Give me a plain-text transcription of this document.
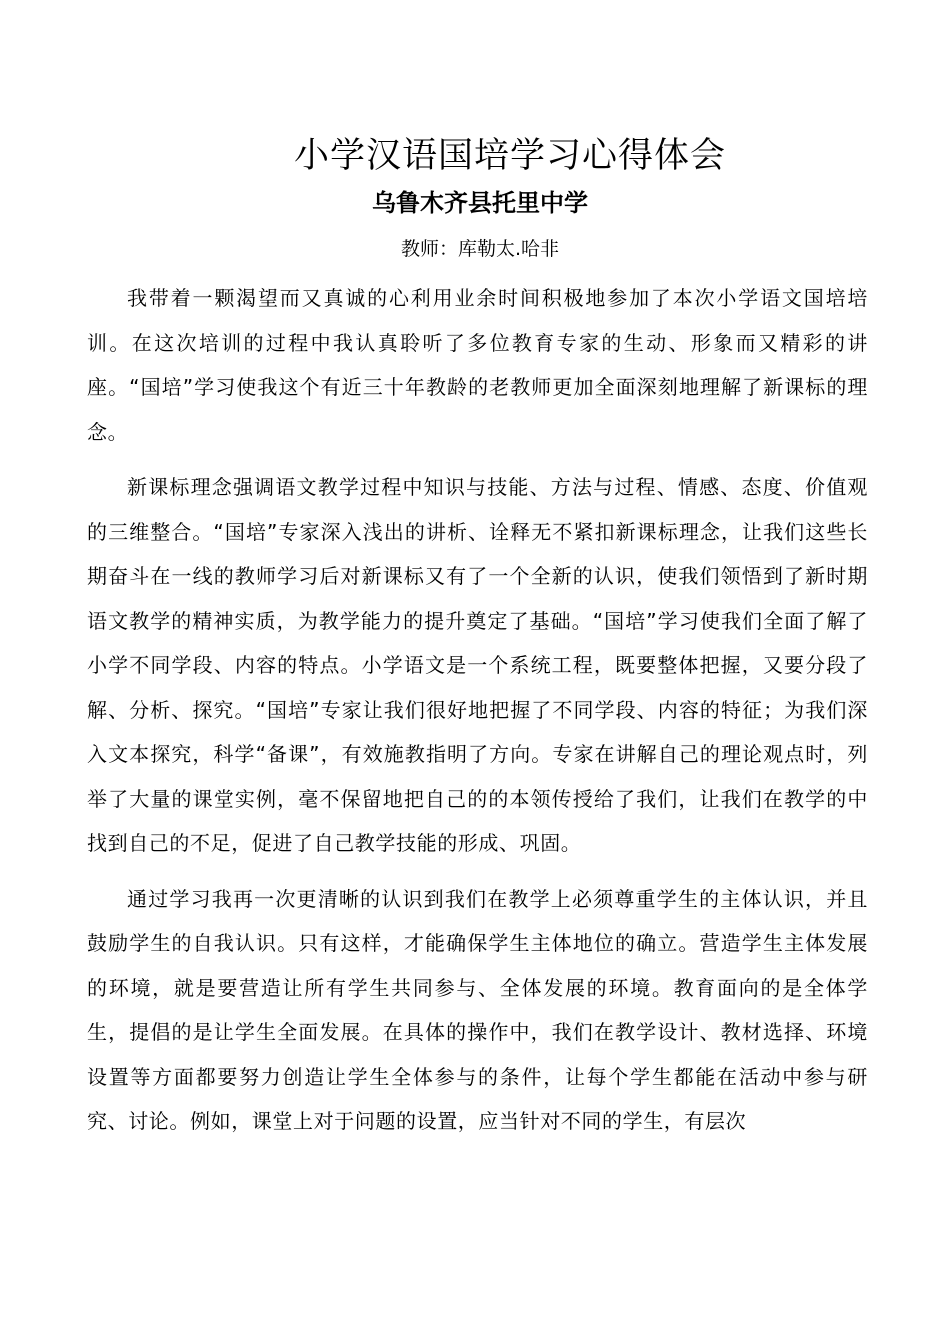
小学汉语国培学习心得体会
乌鲁木齐县托里中学
教师：库勒太.哈非

我带着一颗渴望而又真诚的心利用业余时间积极地参加了本次小学语文国培培训。在这次培训的过程中我认真聆听了多位教育专家的生动、形象而又精彩的讲座。“国培”学习使我这个有近三十年教龄的老教师更加全面深刻地理解了新课标的理念。

新课标理念强调语文教学过程中知识与技能、方法与过程、情感、态度、价值观的三维整合。“国培”专家深入浅出的讲析、诠释无不紧扣新课标理念，让我们这些长期奋斗在一线的教师学习后对新课标又有了一个全新的认识，使我们领悟到了新时期语文教学的精神实质，为教学能力的提升奠定了基础。“国培”学习使我们全面了解了小学不同学段、内容的特点。小学语文是一个系统工程，既要整体把握，又要分段了解、分析、探究。“国培”专家让我们很好地把握了不同学段、内容的特征；为我们深入文本探究，科学“备课”，有效施教指明了方向。专家在讲解自己的理论观点时，列举了大量的课堂实例，毫不保留地把自己的的本领传授给了我们，让我们在教学的中找到自己的不足，促进了自己教学技能的形成、巩固。

通过学习我再一次更清晰的认识到我们在教学上必须尊重学生的主体认识，并且鼓励学生的自我认识。只有这样，才能确保学生主体地位的确立。营造学生主体发展的环境，就是要营造让所有学生共同参与、全体发展的环境。教育面向的是全体学生，提倡的是让学生全面发展。在具体的操作中，我们在教学设计、教材选择、环境设置等方面都要努力创造让学生全体参与的条件，让每个学生都能在活动中参与研究、讨论。例如，课堂上对于问题的设置，应当针对不同的学生，有层次
